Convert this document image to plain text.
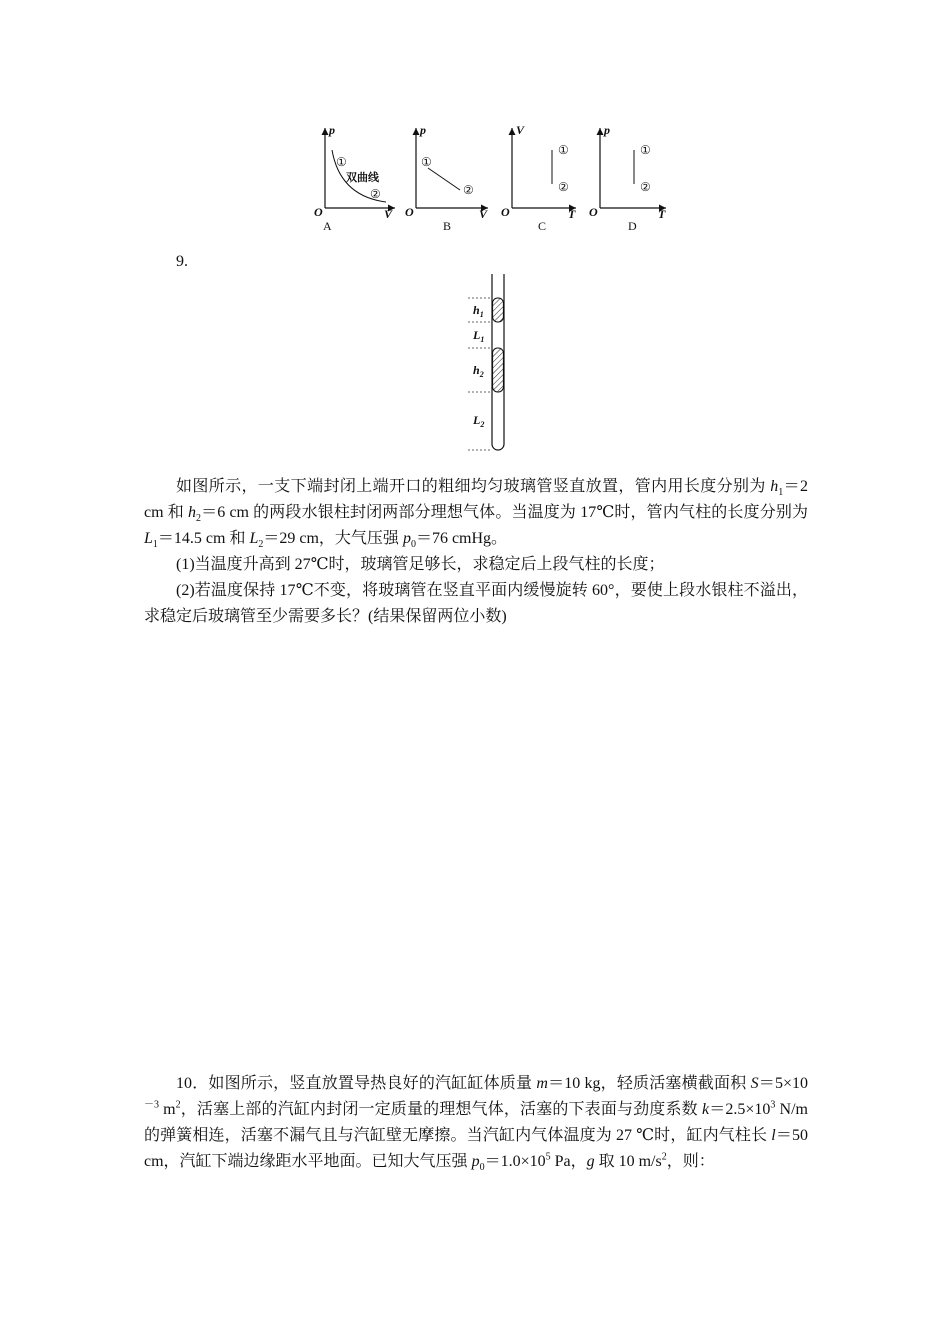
p
V
O
①
双曲线
②
A
p
V
O
①
②
B
V
T
O
①
②
C
p
T
O
①
②
D
9.
$h_1$
$L_1$
$h_2$
$L_2$

如图所示，一支下端封闭上端开口的粗细均匀玻璃管竖直放置，管内用长度分别为 $h_1=2$ cm 和 $h_2=6$ cm 的两段水银柱封闭两部分理想气体。当温度为 17℃时，管内气柱的长度分别为 $L_1=14.5$ cm 和 $L_2=29$ cm，大气压强 $p_0=76$ cmHg。

(1)当温度升高到 27℃时，玻璃管足够长，求稳定后上段气柱的长度；

(2)若温度保持 17℃不变，将玻璃管在竖直平面内缓慢旋转 60°，要使上段水银柱不溢出，求稳定后玻璃管至少需要多长？(结果保留两位小数)

10．如图所示，竖直放置导热良好的汽缸缸体质量 m＝10 kg，轻质活塞横截面积 $S=5\times 10^{-3}$ $m^2$，活塞上部的汽缸内封闭一定质量的理想气体，活塞的下表面与劲度系数 $k=2.5\times 10^3$ N/m 的弹簧相连，活塞不漏气且与汽缸壁无摩擦。当汽缸内气体温度为 27 ℃时，缸内气柱长 l＝50 cm，汽缸下端边缘距水平地面。已知大气压强 $p_0=1.0\times 10^5$ Pa，g 取 10 $m/s^2$，则：
